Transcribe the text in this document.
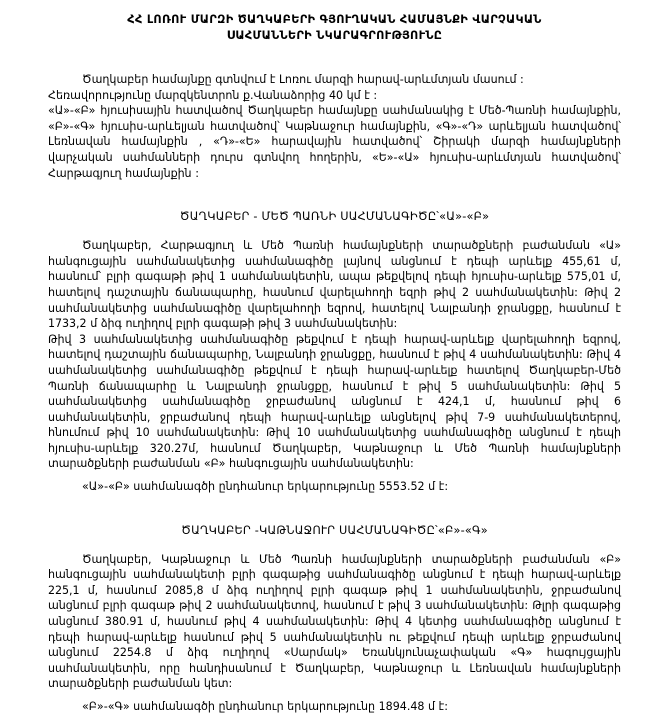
ՀՀ ԼՈՌՈՒ ՄԱՐԶԻ ԾԱՂԿԱԲԵՐԻ ԳՅՈՒՂԱԿԱՆ ՀԱՄԱՅՆՔԻ ՎԱՐՉԱԿԱՆ
ՍԱՀՄԱՆՆԵՐԻ ՆԿԱՐԱԳՐՈՒԹՅՈՒՆԸ

Ծաղկաբեր համայնքը գտնվում է Լոռու մարզի հարավ-արևմտյան մասում :

Հեռավորությունը մարզկենտրոն ք.Վանաձորից 40 կմ է :

«Ա»-«Բ» հյուսիսային հատվածով Ծաղկաբեր համայնքը սահմանակից է Մեծ-Պառնի համայնքին, «Բ»-«Գ» հյուսիս-արևելյան հատվածով՝ Կաթնաջուր համայնքին, «Գ»-«Դ» արևելյան հատվածով՝ Լեռնավան համայնքին , «Դ»-«Ե» հարավային հատվածով՝ Շիրակի մարզի համայնքների վարչական սահմանների դուրս գտնվող հողերին, «Ե»-«Ա» հյուսիս-արևմտյան հատվածով՝ Հարթագյուղ համայնքին :

ԾԱՂԿԱԲԵՐ - ՄԵԾ ՊԱՌՆԻ ՍԱՀՄԱՆԱԳԻԾԸ՝«Ա»-«Բ»

Ծաղկաբեր, Հարթագյուղ և Մեծ Պառնի համայնքների տարածքների բաժանման «Ա» հանգուցային սահմանակետից սահմանագիծը լայնով անցնում է դեպի արևելք 455,61 մ, հասնում՝ բլրի գագաթի թիվ 1 սահմանակետին, ապա թեքվելով դեպի հյուսիս-արևելք 575,01 մ, հատելով դաշտային ճանապարհը, հասնում վարելահողի եզրի թիվ 2 սահմանակետին: Թիվ 2 սահմանակետից սահմանագիծը վարելահողի եզրով, հատելով Նալբանդի ջրանցքը, հասնում է 1733,2 մ ձիգ ուղիղով բլրի գագաթի թիվ 3 սահմանակետին:

Թիվ 3 սահմանակետից սահմանագիծը թեքվում է դեպի հարավ-արևելք վարելահողի եզրով, հատելով դաշտային ճանապարհը, Նալբանդի ջրանցքը, հասնում է թիվ 4 սահմանակետին: Թիվ 4 սահմանակետից սահմանագիծը թեքվում է դեպի հարավ-արևելք հատելով Ծաղկաբեր-Մեծ Պառնի ճանապարհը և Նալբանդի ջրանցքը, հասնում է թիվ 5 սահմանակետին: Թիվ 5 սահմանակետից սահմանագիծը ջրբաժանով անցնում է 424,1 մ, հասնում թիվ 6 սահմանակետին, ջրբաժանով դեպի հարավ-արևելք անցնելով թիվ 7-9 սահմանակետերով, հնումում թիվ 10 սահմանակետին: Թիվ 10 սահմանակետից սահմանագիծը անցնում է դեպի հյուսիս-արևելք 320.27մ, հասնում Ծաղկաբեր, Կաթնաջուր և Մեծ Պառնի համայնքների տարածքների բաժանման «Բ» հանգուցային սահմանակետին:

«Ա»-«Բ» սահմանագծի ընդհանուր երկարությունը 5553.52 մ է:

ԾԱՂԿԱԲԵՐ -ԿԱԹՆԱՋՈՒՐ ՍԱՀՄԱՆԱԳԻԾԸ՝«Բ»-«Գ»

Ծաղկաբեր, Կաթնաջուր և Մեծ Պառնի համայնքների տարածքների բաժանման «Բ» հանգուցային սահմանակետի բլրի գագաթից սահմանագիծը անցնում է դեպի հարավ-արևելք 225,1 մ, հասնում 2085,8 մ ձիգ ուղիղով բլրի գագաթ թիվ 1 սահմանակետին, ջրբաժանով անցնում բլրի գագաթ թիվ 2 սահմանակետով, հասնում է թիվ 3 սահմանակետին: Թլրի գագաթից անցնում 380.91 մ, հասնում թիվ 4 սահմանակետին: Թիվ 4 կետից սահմանագիծը անցնում է դեպի հարավ-արևելք հասնում թիվ 5 սահմանակետին ու թեքվում դեպի արևելք ջրբաժանով անցնում 2254.8 մ ձիգ ուղիղով «Սարմակ» Եռանկյունաչափական «Գ» հագույցային սահմանակետին, որը հանդիսանում է Ծաղկաբեր, Կաթնաջուր և Լեռնավան համայնքների տարածքների բաժանման կետ:

«Բ»-«Գ» սահմանագծի ընդհանուր երկարությունը 1894.48 մ է:
